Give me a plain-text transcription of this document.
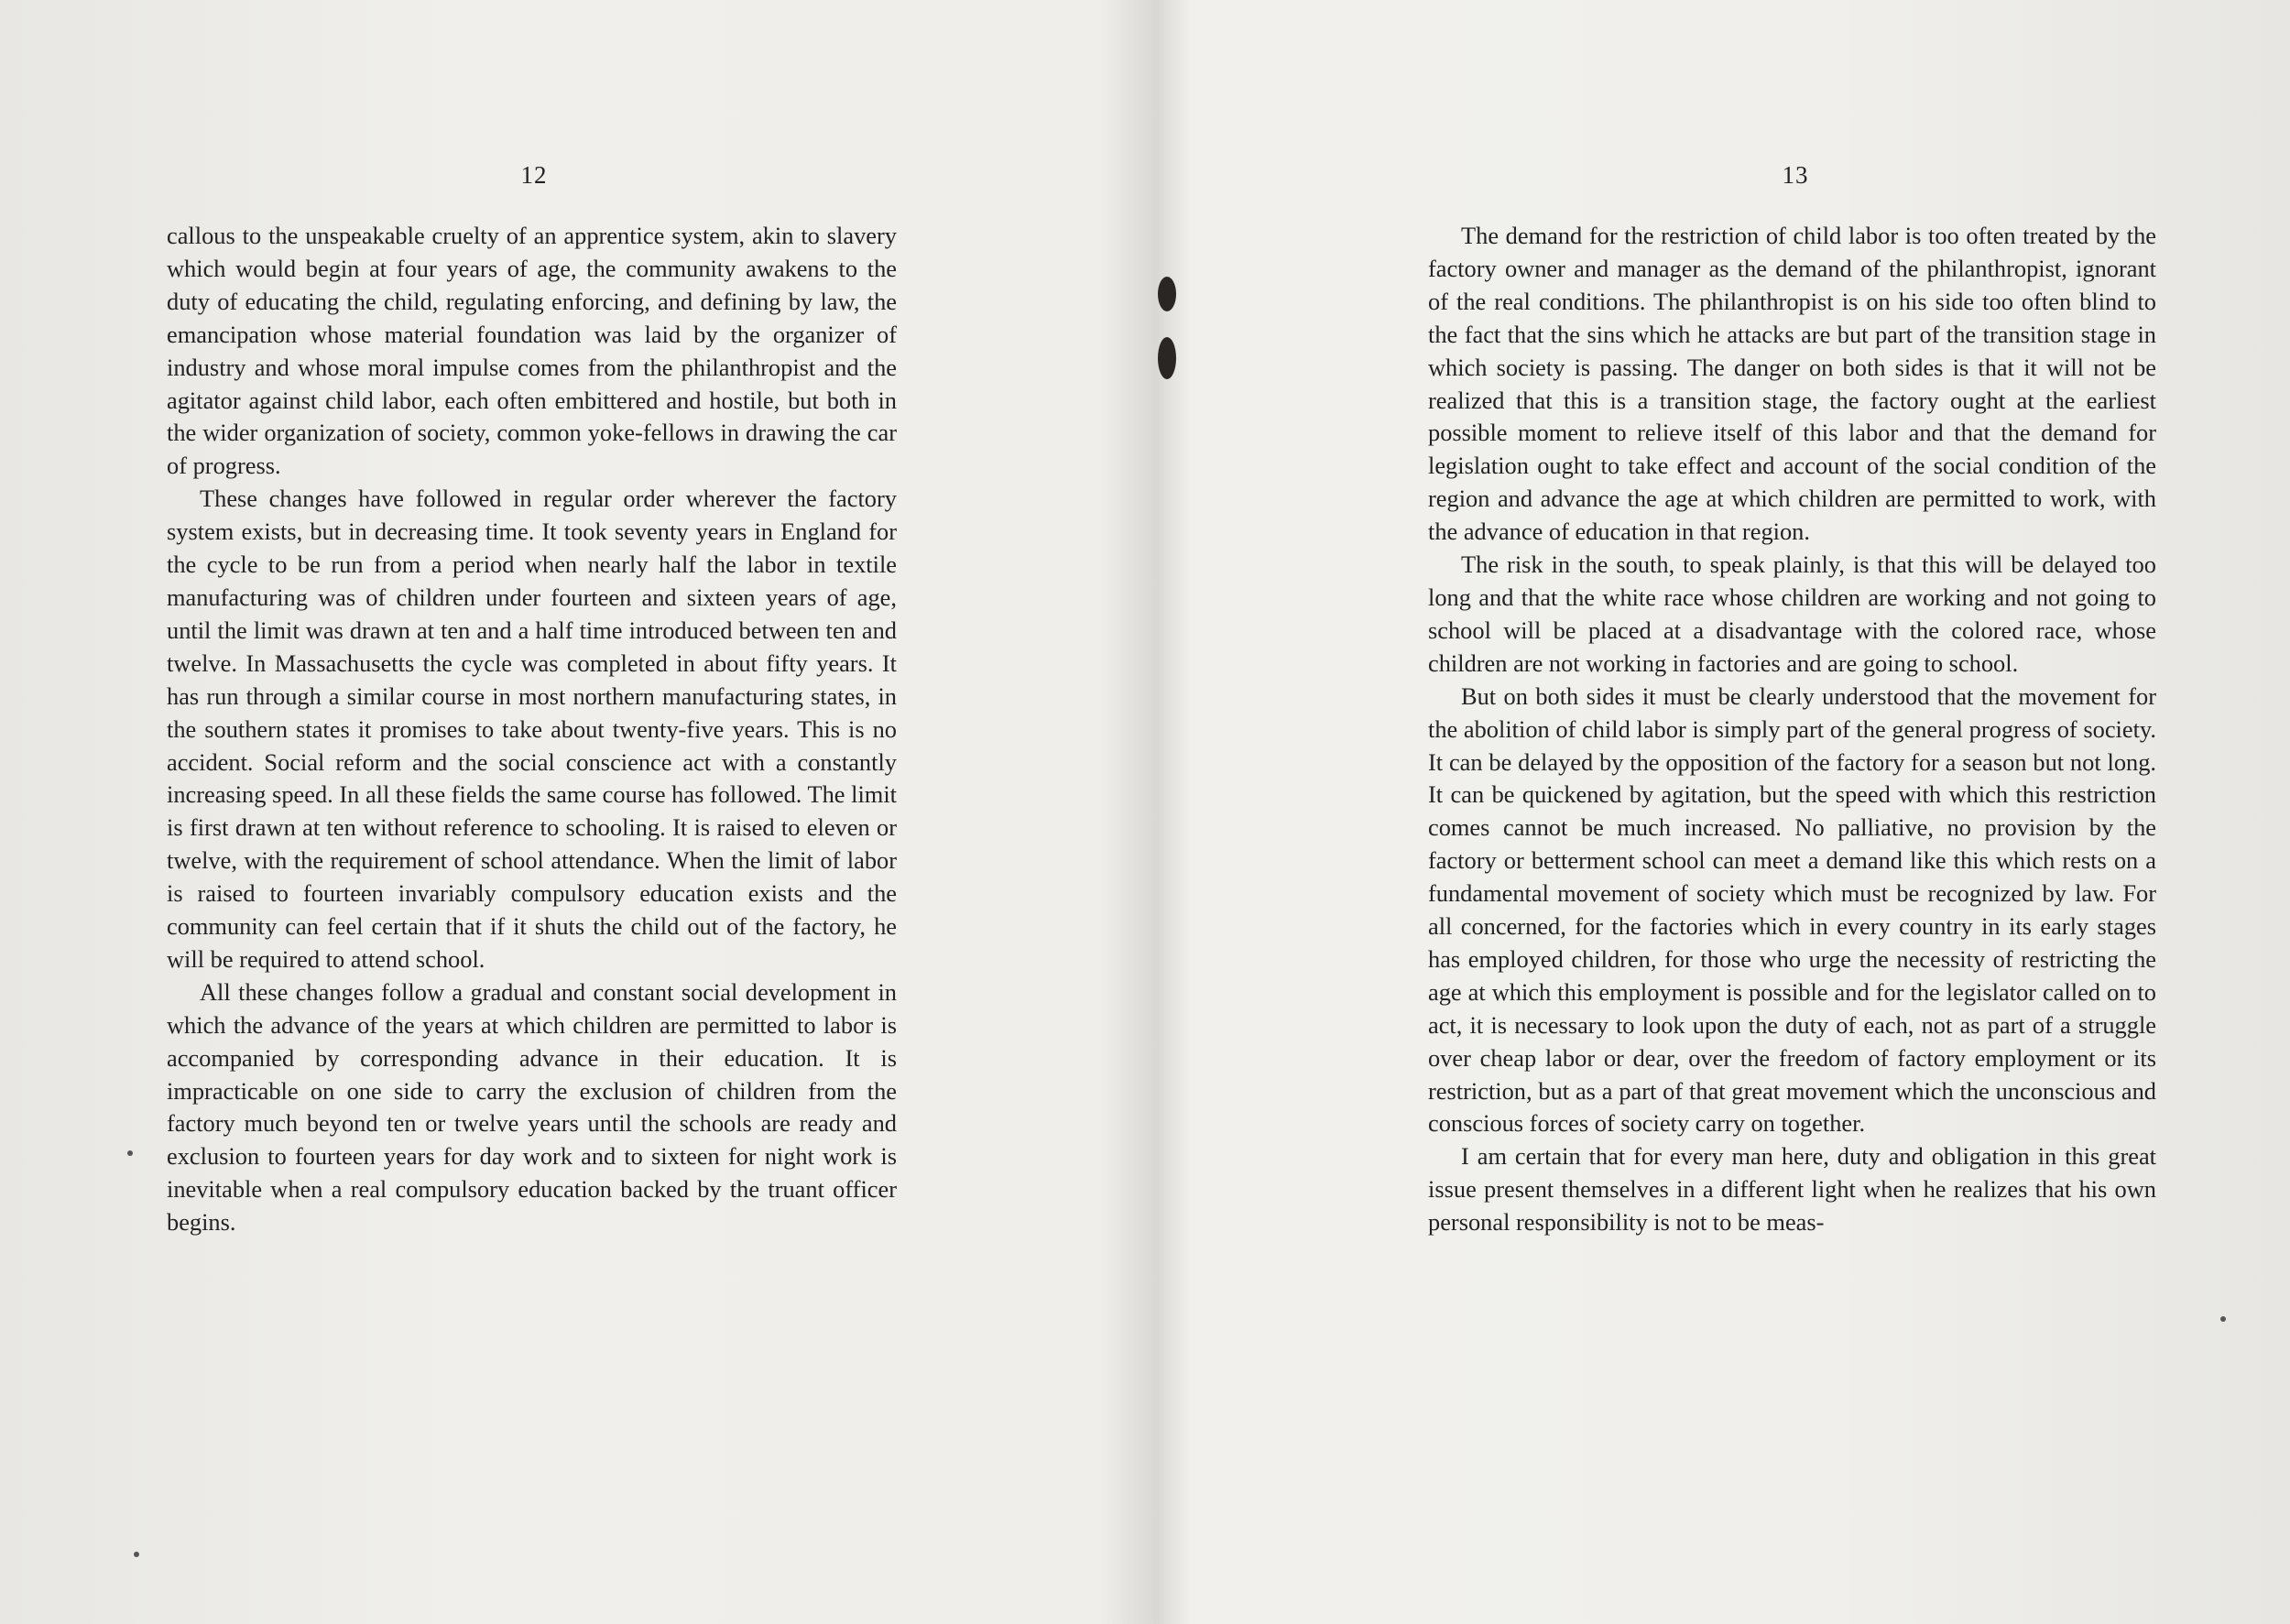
12

callous to the unspeakable cruelty of an apprentice system, akin to slavery which would begin at four years of age, the community awakens to the duty of educating the child, regulating enforcing, and defining by law, the emancipation whose material foundation was laid by the organizer of industry and whose moral impulse comes from the philanthropist and the agitator against child labor, each often embittered and hostile, but both in the wider organization of society, common yoke-fellows in drawing the car of progress.

These changes have followed in regular order wherever the factory system exists, but in decreasing time. It took seventy years in England for the cycle to be run from a period when nearly half the labor in textile manufacturing was of children under fourteen and sixteen years of age, until the limit was drawn at ten and a half time introduced between ten and twelve. In Massachusetts the cycle was completed in about fifty years. It has run through a similar course in most northern manufacturing states, in the southern states it promises to take about twenty-five years. This is no accident. Social reform and the social conscience act with a constantly increasing speed. In all these fields the same course has followed. The limit is first drawn at ten without reference to schooling. It is raised to eleven or twelve, with the requirement of school attendance. When the limit of labor is raised to fourteen invariably compulsory education exists and the community can feel certain that if it shuts the child out of the factory, he will be required to attend school.

All these changes follow a gradual and constant social development in which the advance of the years at which children are permitted to labor is accompanied by corresponding advance in their education. It is impracticable on one side to carry the exclusion of children from the factory much beyond ten or twelve years until the schools are ready and exclusion to fourteen years for day work and to sixteen for night work is inevitable when a real compulsory education backed by the truant officer begins.

13

The demand for the restriction of child labor is too often treated by the factory owner and manager as the demand of the philanthropist, ignorant of the real conditions. The philanthropist is on his side too often blind to the fact that the sins which he attacks are but part of the transition stage in which society is passing. The danger on both sides is that it will not be realized that this is a transition stage, the factory ought at the earliest possible moment to relieve itself of this labor and that the demand for legislation ought to take effect and account of the social condition of the region and advance the age at which children are permitted to work, with the advance of education in that region.

The risk in the south, to speak plainly, is that this will be delayed too long and that the white race whose children are working and not going to school will be placed at a disadvantage with the colored race, whose children are not working in factories and are going to school.

But on both sides it must be clearly understood that the movement for the abolition of child labor is simply part of the general progress of society. It can be delayed by the opposition of the factory for a season but not long. It can be quickened by agitation, but the speed with which this restriction comes cannot be much increased. No palliative, no provision by the factory or betterment school can meet a demand like this which rests on a fundamental movement of society which must be recognized by law. For all concerned, for the factories which in every country in its early stages has employed children, for those who urge the necessity of restricting the age at which this employment is possible and for the legislator called on to act, it is necessary to look upon the duty of each, not as part of a struggle over cheap labor or dear, over the freedom of factory employment or its restriction, but as a part of that great movement which the unconscious and conscious forces of society carry on together.

I am certain that for every man here, duty and obligation in this great issue present themselves in a different light when he realizes that his own personal responsibility is not to be meas-
